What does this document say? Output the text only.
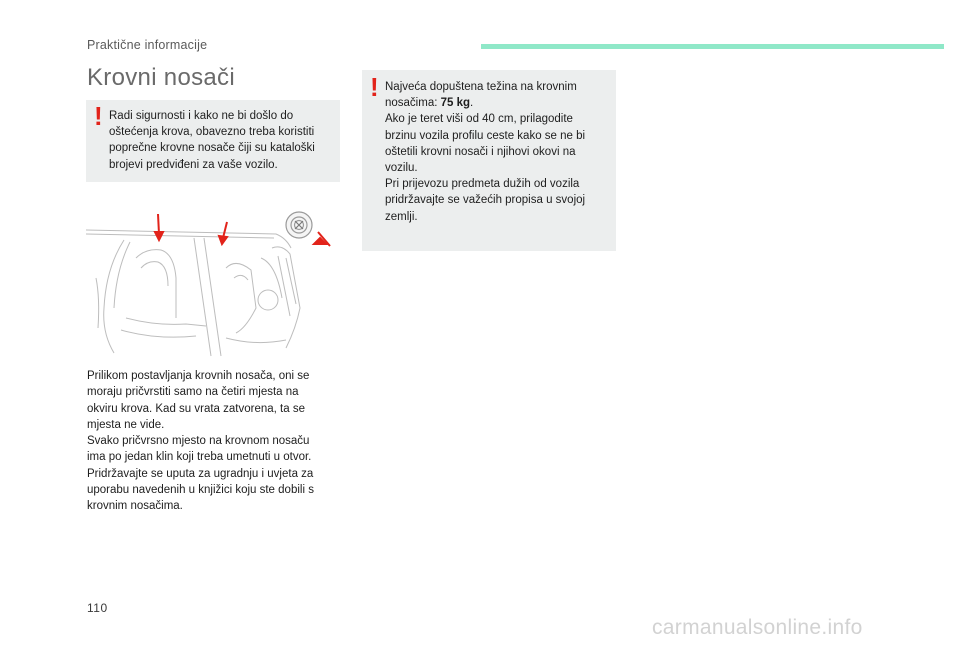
Praktične informacije
Krovni nosači
! Radi sigurnosti i kako ne bi došlo do
oštećenja krova, obavezno treba koristiti
poprečne krovne nosače čiji su kataloški
brojevi predviđeni za vaše vozilo.
! Najveća dopuštena težina na krovnim
nosačima: 75 kg.
Ako je teret viši od 40 cm, prilagodite
brzinu vozila profilu ceste kako se ne bi
oštetili krovni nosači i njihovi okovi na
vozilu.
Pri prijevozu predmeta dužih od vozila
pridržavajte se važećih propisa u svojoj
zemlji.
Prilikom postavljanja krovnih nosača, oni se
moraju pričvrstiti samo na četiri mjesta na
okviru krova. Kad su vrata zatvorena, ta se
mjesta ne vide.
Svako pričvrsno mjesto na krovnom nosaču
ima po jedan klin koji treba umetnuti u otvor.
Pridržavajte se uputa za ugradnju i uvjeta za
uporabu navedenih u knjižici koju ste dobili s
krovnim nosačima.
110
carmanualsonline.info
